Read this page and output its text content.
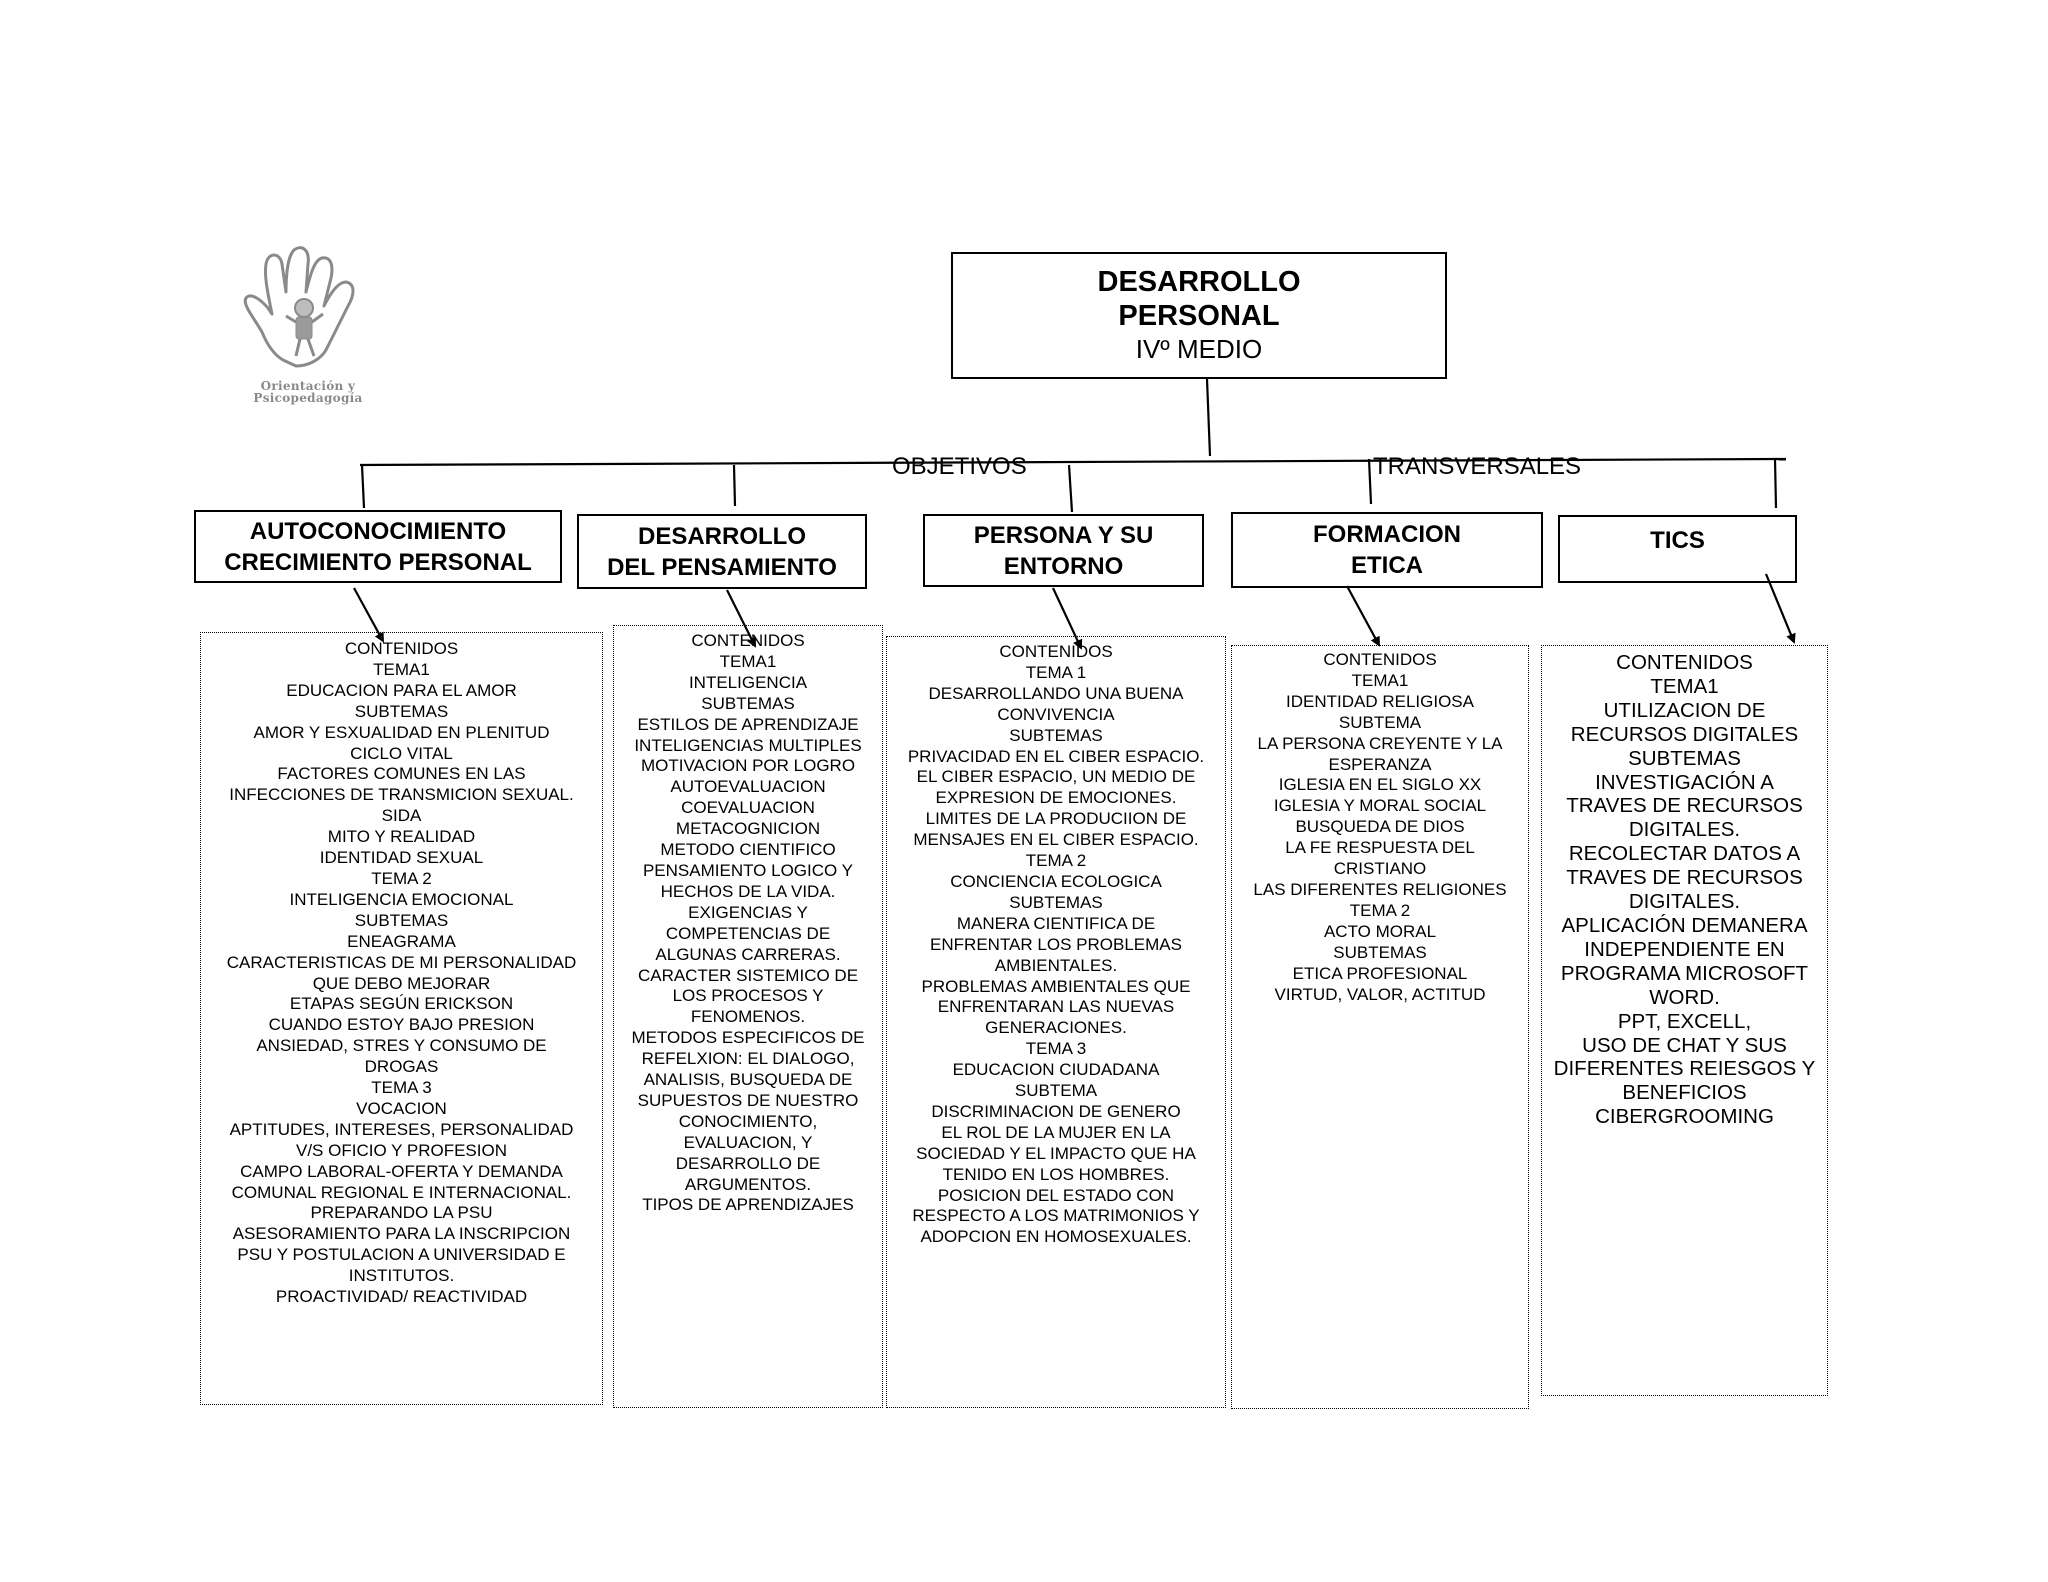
Orientación y
Psicopedagogía
DESARROLLO
PERSONAL
IVº MEDIO
OBJETIVOS	TRANSVERSALES
AUTOCONOCIMIENTO
CRECIMIENTO PERSONAL
CONTENIDOS
TEMA1
EDUCACION PARA EL AMOR
SUBTEMAS
AMOR Y ESXUALIDAD EN PLENITUD
CICLO VITAL
FACTORES COMUNES EN LAS
INFECCIONES DE TRANSMICION SEXUAL.
SIDA
MITO Y REALIDAD
IDENTIDAD SEXUAL
TEMA 2
INTELIGENCIA EMOCIONAL
SUBTEMAS
ENEAGRAMA
CARACTERISTICAS DE MI PERSONALIDAD
QUE DEBO MEJORAR
ETAPAS SEGÚN ERICKSON
CUANDO ESTOY BAJO PRESION
ANSIEDAD, STRES Y CONSUMO DE
DROGAS
TEMA 3
VOCACION
APTITUDES, INTERESES, PERSONALIDAD
V/S OFICIO Y PROFESION
CAMPO LABORAL-OFERTA Y DEMANDA
COMUNAL REGIONAL E INTERNACIONAL.
PREPARANDO LA PSU
ASESORAMIENTO PARA LA INSCRIPCION
PSU Y POSTULACION A UNIVERSIDAD E
INSTITUTOS.
PROACTIVIDAD/ REACTIVIDAD
DESARROLLO
DEL PENSAMIENTO
CONTENIDOS
TEMA1
INTELIGENCIA
SUBTEMAS
ESTILOS DE APRENDIZAJE
INTELIGENCIAS MULTIPLES
MOTIVACION POR LOGRO
AUTOEVALUACION
COEVALUACION
METACOGNICION
METODO CIENTIFICO
PENSAMIENTO LOGICO Y
HECHOS DE LA VIDA.
EXIGENCIAS Y
COMPETENCIAS DE
ALGUNAS CARRERAS.
CARACTER SISTEMICO DE
LOS PROCESOS Y
FENOMENOS.
METODOS ESPECIFICOS DE
REFELXION: EL DIALOGO,
ANALISIS, BUSQUEDA DE
SUPUESTOS DE NUESTRO
CONOCIMIENTO,
EVALUACION, Y
DESARROLLO DE
ARGUMENTOS.
TIPOS DE APRENDIZAJES
PERSONA Y SU
ENTORNO
CONTENIDOS
TEMA 1
DESARROLLANDO UNA BUENA
CONVIVENCIA
SUBTEMAS
PRIVACIDAD EN EL CIBER ESPACIO.
EL CIBER ESPACIO, UN MEDIO DE
EXPRESION DE EMOCIONES.
LIMITES DE LA PRODUCIION DE
MENSAJES EN EL CIBER ESPACIO.
TEMA 2
CONCIENCIA ECOLOGICA
SUBTEMAS
MANERA CIENTIFICA DE
ENFRENTAR LOS PROBLEMAS
AMBIENTALES.
PROBLEMAS AMBIENTALES QUE
ENFRENTARAN LAS NUEVAS
GENERACIONES.
TEMA 3
EDUCACION CIUDADANA
SUBTEMA
DISCRIMINACION DE GENERO
EL ROL DE LA MUJER EN LA
SOCIEDAD Y EL IMPACTO QUE HA
TENIDO EN LOS HOMBRES.
POSICION DEL ESTADO CON
RESPECTO A LOS MATRIMONIOS Y
ADOPCION EN HOMOSEXUALES.
FORMACION
ETICA
CONTENIDOS
TEMA1
IDENTIDAD RELIGIOSA
SUBTEMA
LA PERSONA CREYENTE Y LA
ESPERANZA
IGLESIA EN EL SIGLO XX
IGLESIA Y MORAL SOCIAL
BUSQUEDA DE DIOS
LA FE RESPUESTA DEL
CRISTIANO
LAS DIFERENTES RELIGIONES
TEMA 2
ACTO MORAL
SUBTEMAS
ETICA PROFESIONAL
VIRTUD, VALOR, ACTITUD
TICS
CONTENIDOS
TEMA1
UTILIZACION DE
RECURSOS DIGITALES
SUBTEMAS
INVESTIGACIÓN A
TRAVES DE RECURSOS
DIGITALES.
RECOLECTAR DATOS A
TRAVES DE RECURSOS
DIGITALES.
APLICACIÓN DEMANERA
INDEPENDIENTE EN
PROGRAMA MICROSOFT
WORD.
PPT, EXCELL,
USO DE CHAT Y SUS
DIFERENTES REIESGOS Y
BENEFICIOS
CIBERGROOMING
